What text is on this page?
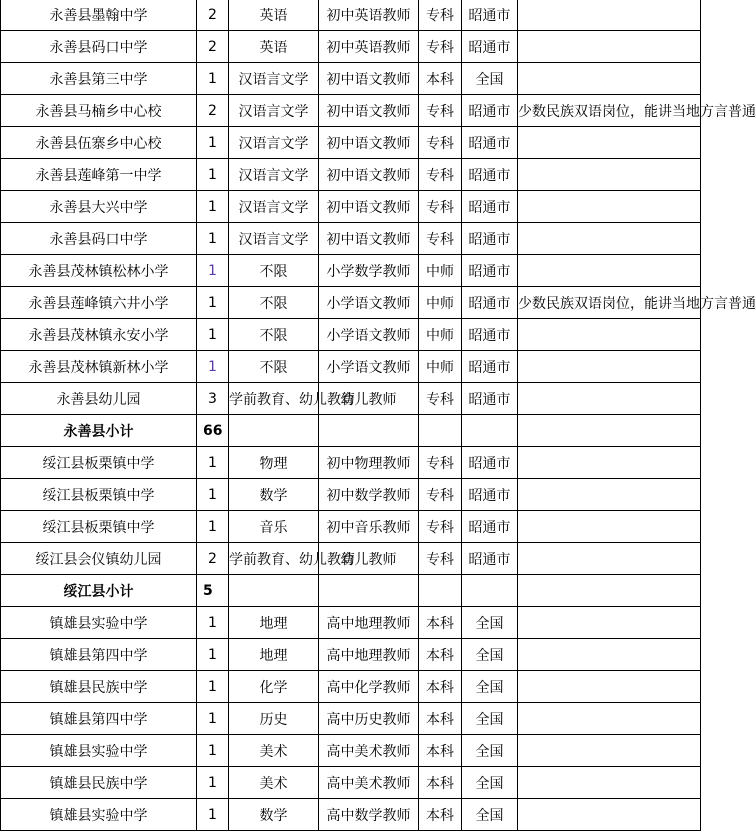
永善县墨翰中学	2	英语	初中英语教师	专科	昭通市	
永善县码口中学	2	英语	初中英语教师	专科	昭通市	
永善县第三中学	1	汉语言文学	初中语文教师	本科	全国	
永善县马楠乡中心校	2	汉语言文学	初中语文教师	专科	昭通市	少数民族双语岗位，能讲当地方言普通
永善县伍寨乡中心校	1	汉语言文学	初中语文教师	专科	昭通市	
永善县莲峰第一中学	1	汉语言文学	初中语文教师	专科	昭通市	
永善县大兴中学	1	汉语言文学	初中语文教师	专科	昭通市	
永善县码口中学	1	汉语言文学	初中语文教师	专科	昭通市	
永善县茂林镇松林小学	1	不限	小学数学教师	中师	昭通市	
永善县莲峰镇六井小学	1	不限	小学语文教师	中师	昭通市	少数民族双语岗位，能讲当地方言普通
永善县茂林镇永安小学	1	不限	小学语文教师	中师	昭通市	
永善县茂林镇新林小学	1	不限	小学语文教师	中师	昭通市	
永善县幼儿园	3	学前教育、幼儿教育	幼儿教师	专科	昭通市	
永善县小计	66					
绥江县板栗镇中学	1	物理	初中物理教师	专科	昭通市	
绥江县板栗镇中学	1	数学	初中数学教师	专科	昭通市	
绥江县板栗镇中学	1	音乐	初中音乐教师	专科	昭通市	
绥江县会仪镇幼儿园	2	学前教育、幼儿教育	幼儿教师	专科	昭通市	
绥江县小计	5					
镇雄县实验中学	1	地理	高中地理教师	本科	全国	
镇雄县第四中学	1	地理	高中地理教师	本科	全国	
镇雄县民族中学	1	化学	高中化学教师	本科	全国	
镇雄县第四中学	1	历史	高中历史教师	本科	全国	
镇雄县实验中学	1	美术	高中美术教师	本科	全国	
镇雄县民族中学	1	美术	高中美术教师	本科	全国	
镇雄县实验中学	1	数学	高中数学教师	本科	全国	
